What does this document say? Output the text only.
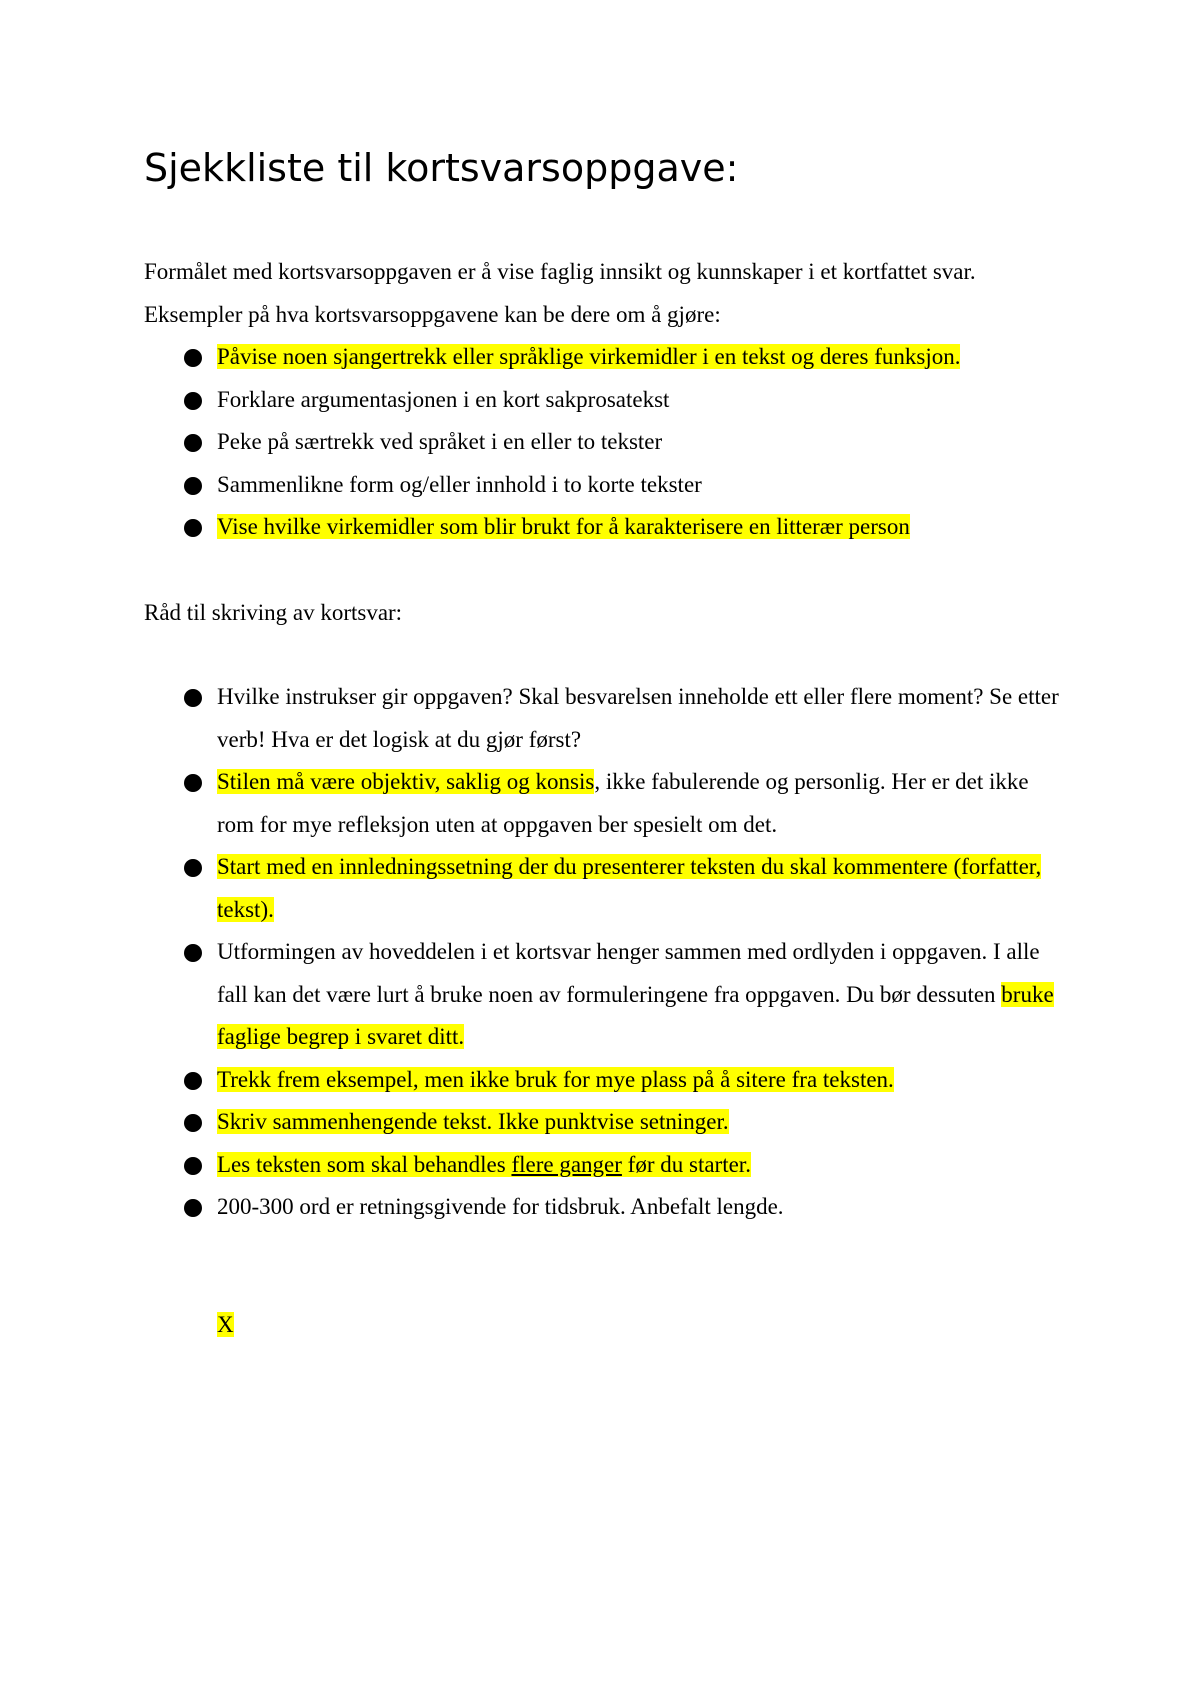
Sjekkliste til kortsvarsoppgave:

Formålet med kortsvarsoppgaven er å vise faglig innsikt og kunnskaper i et kortfattet svar.

Eksempler på hva kortsvarsoppgavene kan be dere om å gjøre:

Påvise noen sjangertrekk eller språklige virkemidler i en tekst og deres funksjon.
Forklare argumentasjonen i en kort sakprosatekst
Peke på særtrekk ved språket i en eller to tekster
Sammenlikne form og/eller innhold i to korte tekster
Vise hvilke virkemidler som blir brukt for å karakterisere en litterær person

Råd til skriving av kortsvar:

Hvilke instrukser gir oppgaven? Skal besvarelsen inneholde ett eller flere moment? Se etter verb! Hva er det logisk at du gjør først?
Stilen må være objektiv, saklig og konsis, ikke fabulerende og personlig. Her er det ikke rom for mye refleksjon uten at oppgaven ber spesielt om det.
Start med en innledningssetning der du presenterer teksten du skal kommentere (forfatter, tekst).
Utformingen av hoveddelen i et kortsvar henger sammen med ordlyden i oppgaven. I alle fall kan det være lurt å bruke noen av formuleringene fra oppgaven. Du bør dessuten bruke faglige begrep i svaret ditt.
Trekk frem eksempel, men ikke bruk for mye plass på å sitere fra teksten.
Skriv sammenhengende tekst. Ikke punktvise setninger.
Les teksten som skal behandles flere ganger før du starter.
200-300 ord er retningsgivende for tidsbruk. Anbefalt lengde.
X
